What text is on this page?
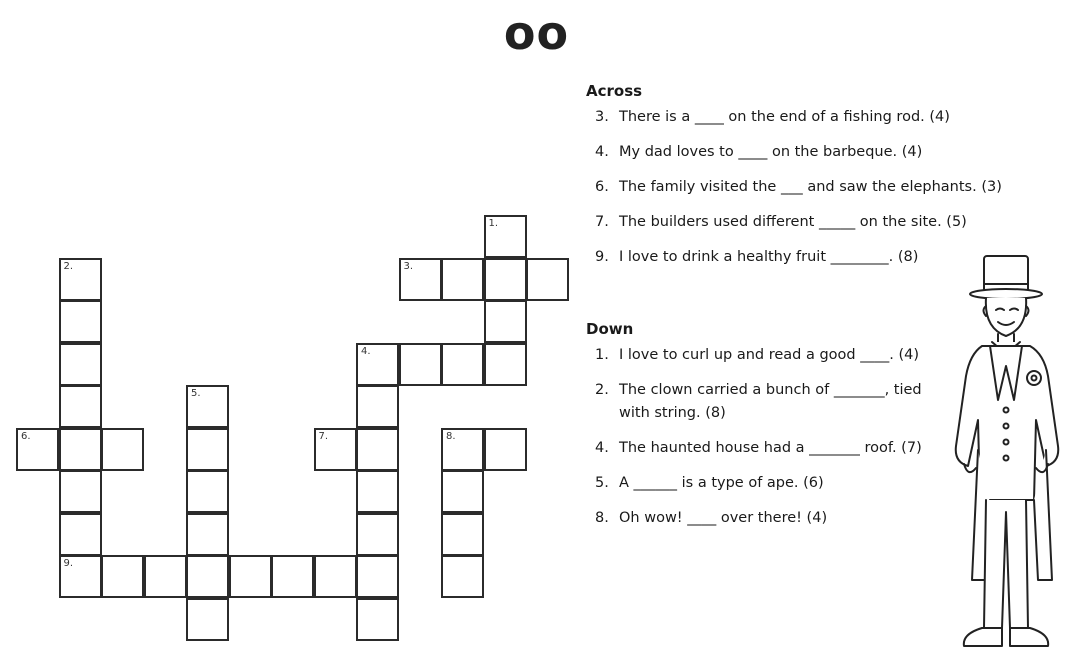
oo
1.
2.	3.
4.
5.
6.	7.	8.
9.
Across
3. There is a ____ on the end of a fishing rod. (4)
4. My dad loves to ____ on the barbeque. (4)
6. The family visited the ___ and saw the elephants. (3)
7. The builders used different _____ on the site. (5)
9. I love to drink a healthy fruit ________. (8)
Down
1. I love to curl up and read a good ____. (4)
2. The clown carried a bunch of _______, tied with string. (8)
4. The haunted house had a _______ roof. (7)
5. A ______ is a type of ape. (6)
8. Oh wow! ____ over there! (4)
